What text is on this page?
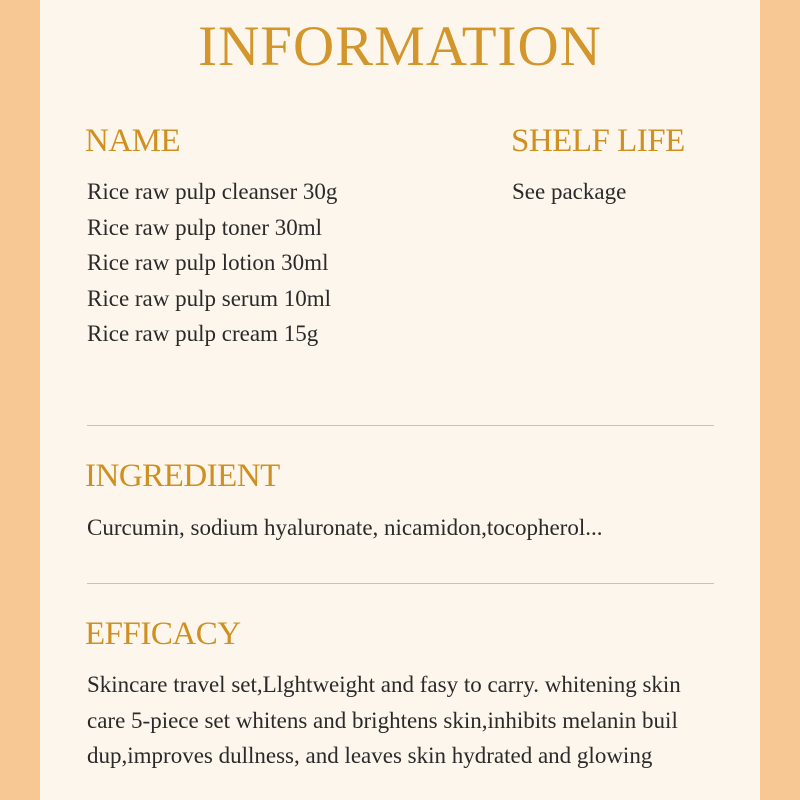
INFORMATION
NAME
Rice raw pulp cleanser 30g
Rice raw pulp toner 30ml
Rice raw pulp lotion 30ml
Rice raw pulp serum 10ml
Rice raw pulp cream 15g
SHELF LIFE
See package
INGREDIENT
Curcumin, sodium hyaluronate, nicamidon,tocopherol...
EFFICACY
Skincare travel set,Llghtweight and fasy to carry. whitening skin
care 5-piece set whitens and brightens skin,inhibits melanin buil
dup,improves dullness, and leaves skin hydrated and glowing
